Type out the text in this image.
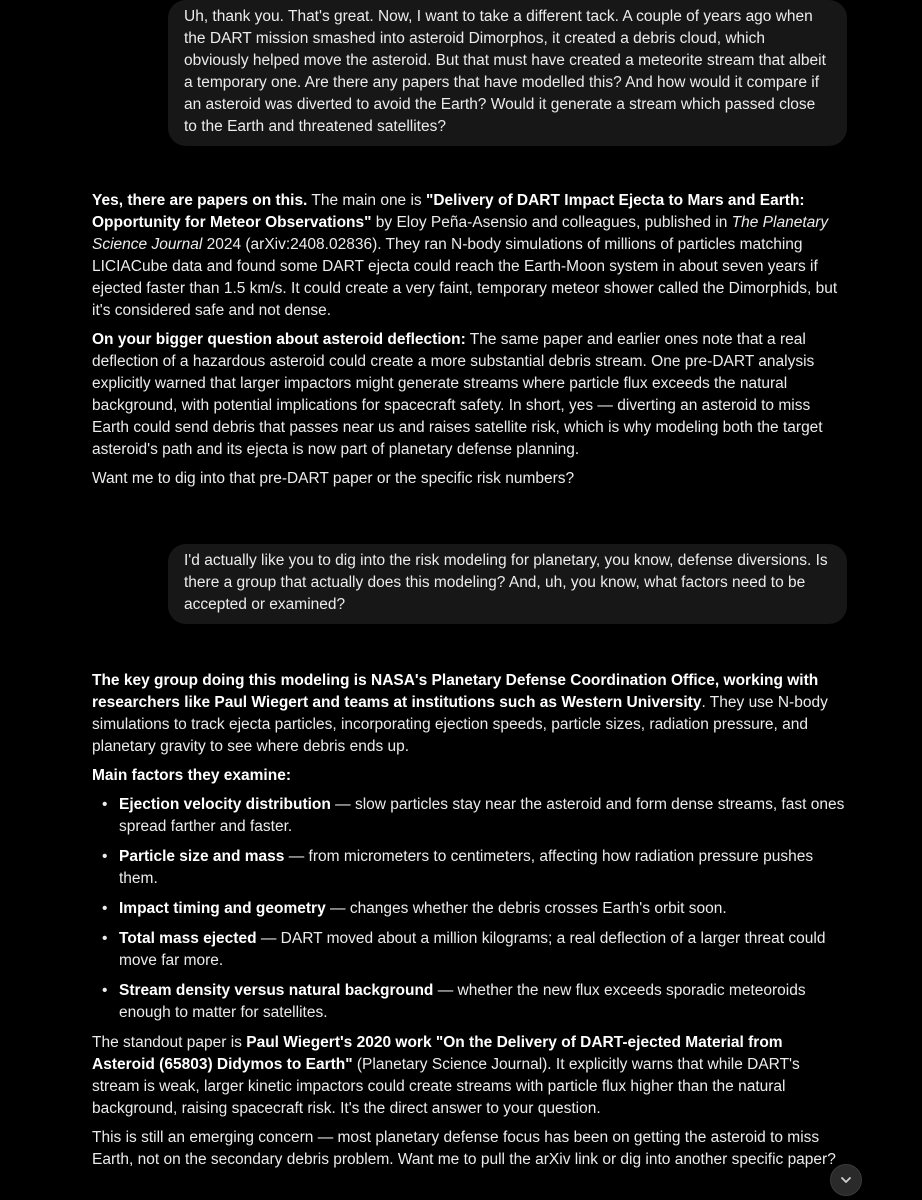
Uh, thank you. That's great. Now, I want to take a different tack. A couple of years ago when the DART mission smashed into asteroid Dimorphos, it created a debris cloud, which obviously helped move the asteroid. But that must have created a meteorite stream that albeit a temporary one. Are there any papers that have modelled this? And how would it compare if an asteroid was diverted to avoid the Earth? Would it generate a stream which passed close to the Earth and threatened satellites?

Yes, there are papers on this. The main one is "Delivery of DART Impact Ejecta to Mars and Earth: Opportunity for Meteor Observations" by Eloy Peña-Asensio and colleagues, published in The Planetary Science Journal 2024 (arXiv:2408.02836). They ran N-body simulations of millions of particles matching LICIACube data and found some DART ejecta could reach the Earth-Moon system in about seven years if ejected faster than 1.5 km/s. It could create a very faint, temporary meteor shower called the Dimorphids, but it's considered safe and not dense.

On your bigger question about asteroid deflection: The same paper and earlier ones note that a real deflection of a hazardous asteroid could create a more substantial debris stream. One pre-DART analysis explicitly warned that larger impactors might generate streams where particle flux exceeds the natural background, with potential implications for spacecraft safety. In short, yes — diverting an asteroid to miss Earth could send debris that passes near us and raises satellite risk, which is why modeling both the target asteroid's path and its ejecta is now part of planetary defense planning.

Want me to dig into that pre-DART paper or the specific risk numbers?

I'd actually like you to dig into the risk modeling for planetary, you know, defense diversions. Is there a group that actually does this modeling? And, uh, you know, what factors need to be accepted or examined?

The key group doing this modeling is NASA's Planetary Defense Coordination Office, working with researchers like Paul Wiegert and teams at institutions such as Western University. They use N-body simulations to track ejecta particles, incorporating ejection speeds, particle sizes, radiation pressure, and planetary gravity to see where debris ends up.

Main factors they examine:

• Ejection velocity distribution — slow particles stay near the asteroid and form dense streams, fast ones spread farther and faster.
• Particle size and mass — from micrometers to centimeters, affecting how radiation pressure pushes them.
• Impact timing and geometry — changes whether the debris crosses Earth's orbit soon.
• Total mass ejected — DART moved about a million kilograms; a real deflection of a larger threat could move far more.
• Stream density versus natural background — whether the new flux exceeds sporadic meteoroids enough to matter for satellites.

The standout paper is Paul Wiegert's 2020 work "On the Delivery of DART-ejected Material from Asteroid (65803) Didymos to Earth" (Planetary Science Journal). It explicitly warns that while DART's stream is weak, larger kinetic impactors could create streams with particle flux higher than the natural background, raising spacecraft risk. It's the direct answer to your question.

This is still an emerging concern — most planetary defense focus has been on getting the asteroid to miss Earth, not on the secondary debris problem. Want me to pull the arXiv link or dig into another specific paper?
